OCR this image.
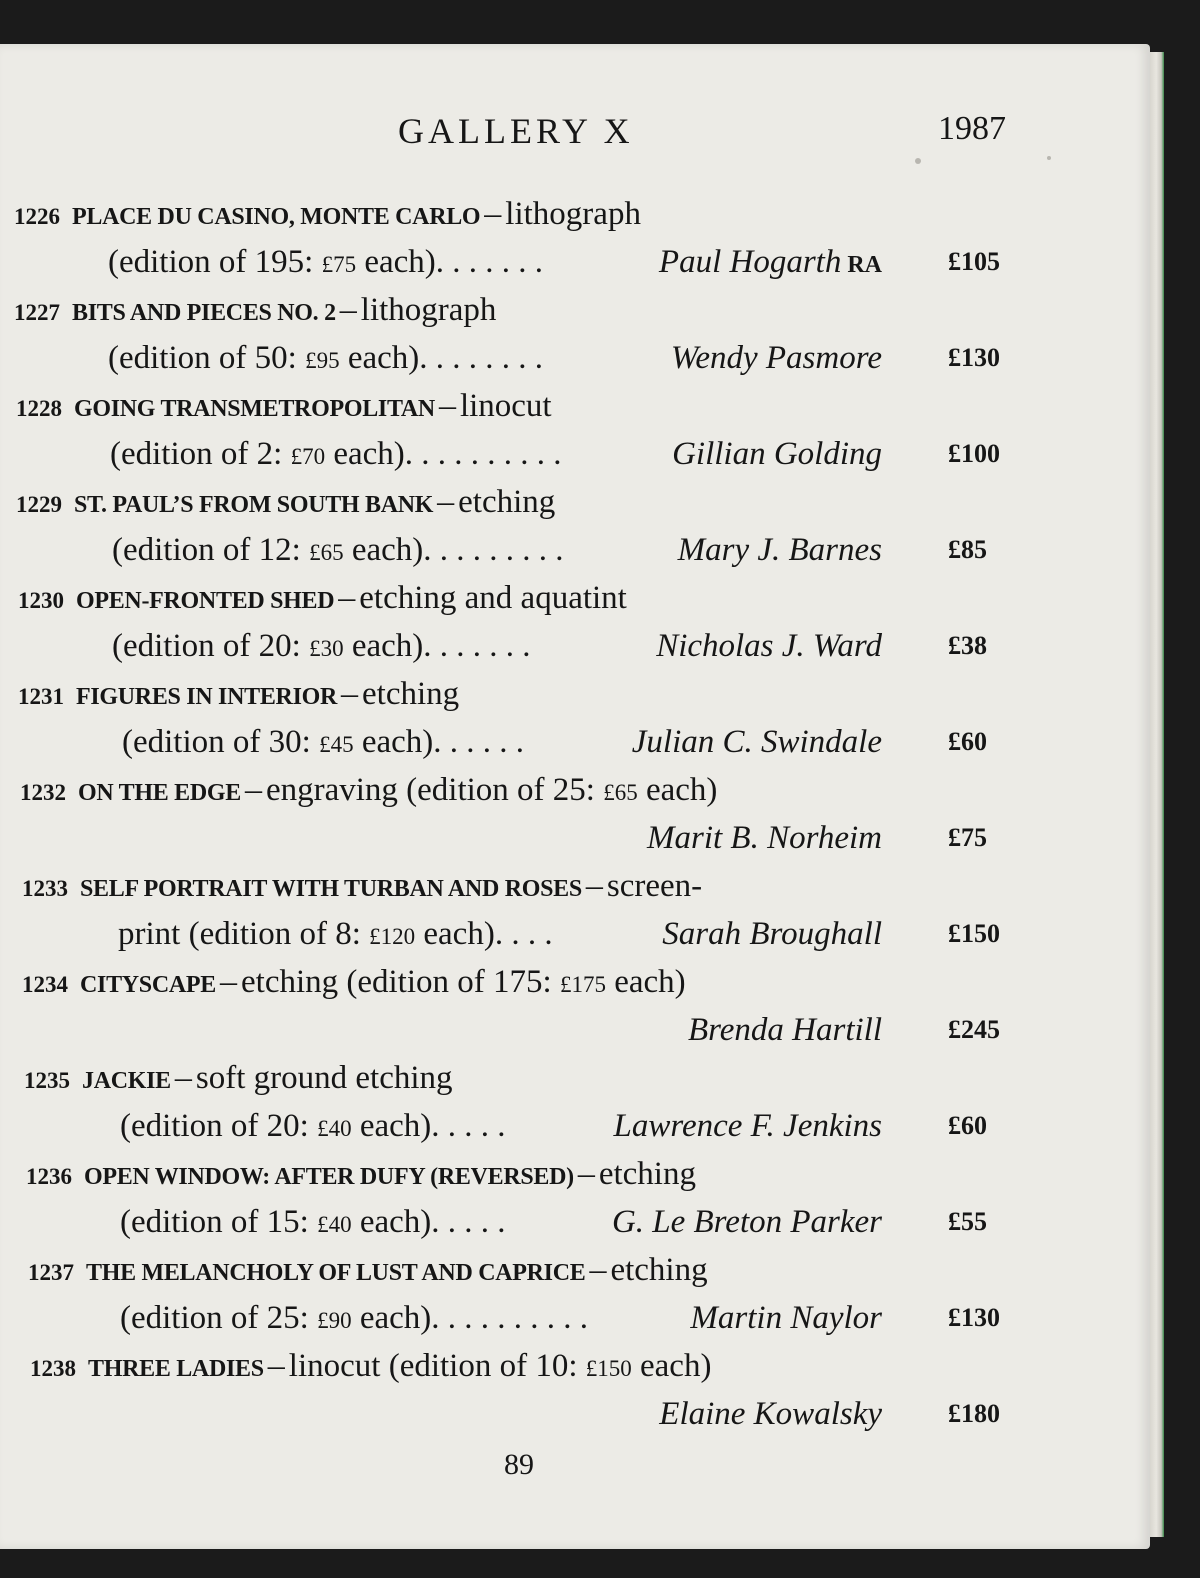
GALLERY X	1987
1226 PLACE DU CASINO, MONTE CARLO – lithograph
(edition of 195: £75 each). . . . . . .	Paul Hogarth RA	£105
1227 BITS AND PIECES NO. 2 – lithograph
(edition of 50: £95 each). . . . . . . .	Wendy Pasmore	£130
1228 GOING TRANSMETROPOLITAN – linocut
(edition of 2: £70 each). . . . . . . . . .	Gillian Golding	£100
1229 ST. PAUL’S FROM SOUTH BANK – etching
(edition of 12: £65 each). . . . . . . . .	Mary J. Barnes	£85
1230 OPEN-FRONTED SHED – etching and aquatint
(edition of 20: £30 each). . . . . . .	Nicholas J. Ward	£38
1231 FIGURES IN INTERIOR – etching
(edition of 30: £45 each). . . . . .	Julian C. Swindale	£60
1232 ON THE EDGE – engraving (edition of 25: £65 each)
Marit B. Norheim	£75
1233 SELF PORTRAIT WITH TURBAN AND ROSES – screen-
print (edition of 8: £120 each). . . .	Sarah Broughall	£150
1234 CITYSCAPE – etching (edition of 175: £175 each)
Brenda Hartill	£245
1235 JACKIE – soft ground etching
(edition of 20: £40 each). . . . .	Lawrence F. Jenkins	£60
1236 OPEN WINDOW: AFTER DUFY (REVERSED) – etching
(edition of 15: £40 each). . . . .	G. Le Breton Parker	£55
1237 THE MELANCHOLY OF LUST AND CAPRICE – etching
(edition of 25: £90 each). . . . . . . . . .	Martin Naylor	£130
1238 THREE LADIES – linocut (edition of 10: £150 each)
Elaine Kowalsky	£180
89
